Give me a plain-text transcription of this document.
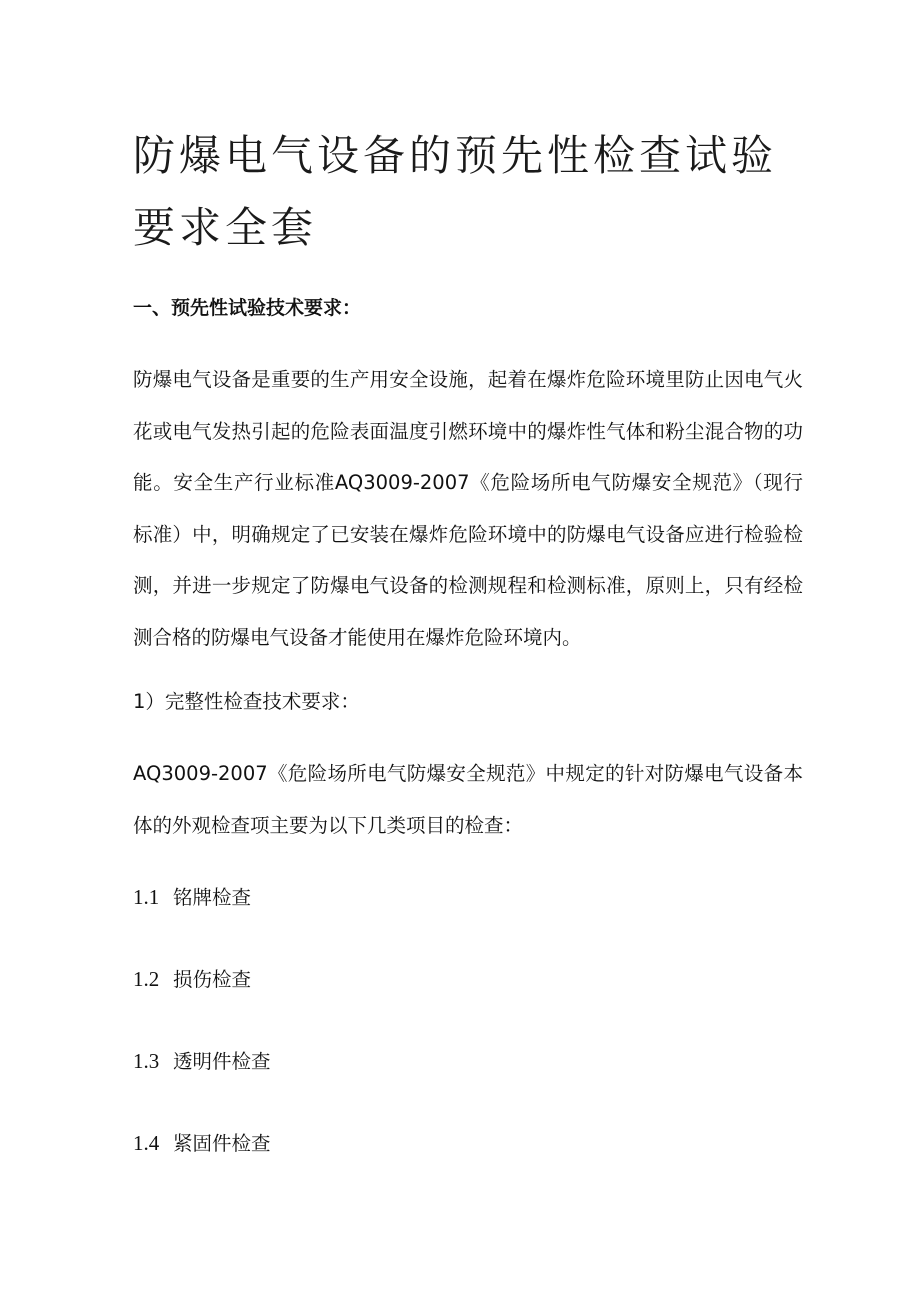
防爆电气设备的预先性检查试验要求全套
一、预先性试验技术要求：

防爆电气设备是重要的生产用安全设施，起着在爆炸危险环境里防止因电气火花或电气发热引起的危险表面温度引燃环境中的爆炸性气体和粉尘混合物的功能。安全生产行业标准AQ3009-2007《危险场所电气防爆安全规范》（现行标准）中，明确规定了已安装在爆炸危险环境中的防爆电气设备应进行检验检测，并进一步规定了防爆电气设备的检测规程和检测标准，原则上，只有经检测合格的防爆电气设备才能使用在爆炸危险环境内。

1）完整性检查技术要求：

AQ3009-2007《危险场所电气防爆安全规范》中规定的针对防爆电气设备本体的外观检查项主要为以下几类项目的检查：

1.1 铭牌检查

1.2 损伤检查

1.3 透明件检查

1.4 紧固件检查
